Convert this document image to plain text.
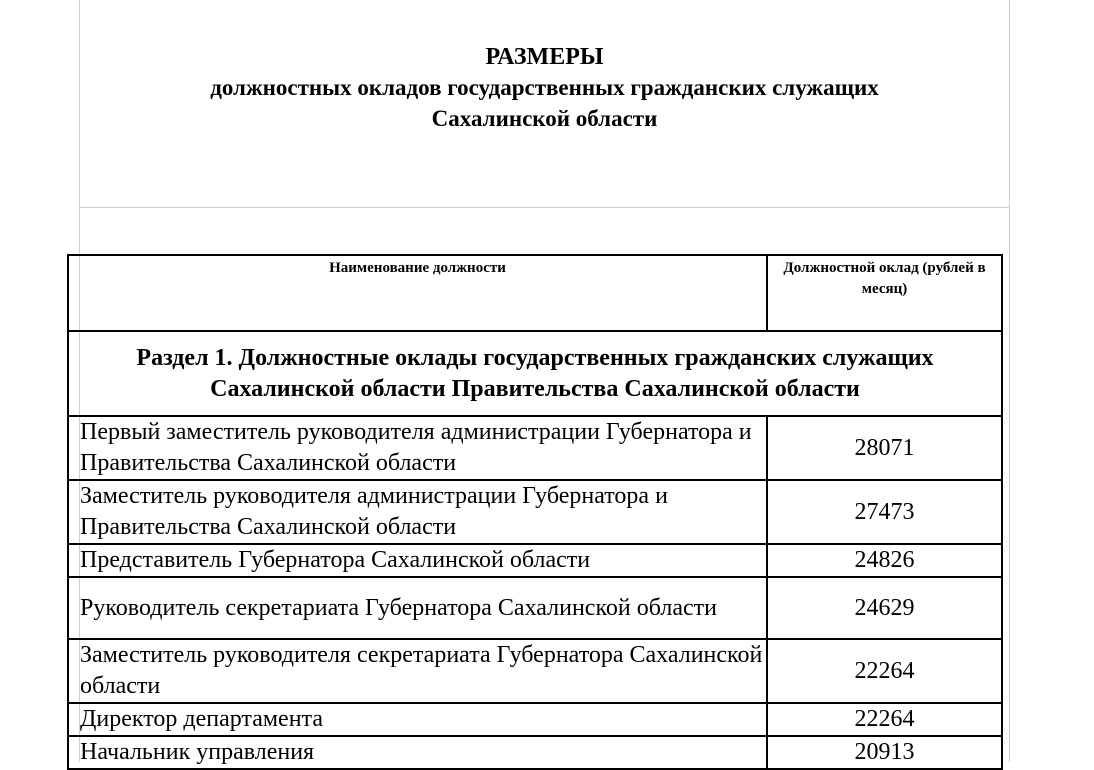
РАЗМЕРЫ
должностных окладов государственных гражданских служащих
Сахалинской области
Наименование должности	Должностной оклад (рублей в месяц)
Раздел 1. Должностные оклады государственных гражданских служащих Сахалинской области Правительства Сахалинской области	
Первый заместитель руководителя администрации Губернатора и Правительства Сахалинской области	28071
Заместитель руководителя администрации Губернатора и Правительства Сахалинской области	27473
Представитель Губернатора Сахалинской области	24826
Руководитель секретариата Губернатора Сахалинской области	24629
Заместитель руководителя секретариата Губернатора Сахалинской области	22264
Директор департамента	22264
Начальник управления	20913
